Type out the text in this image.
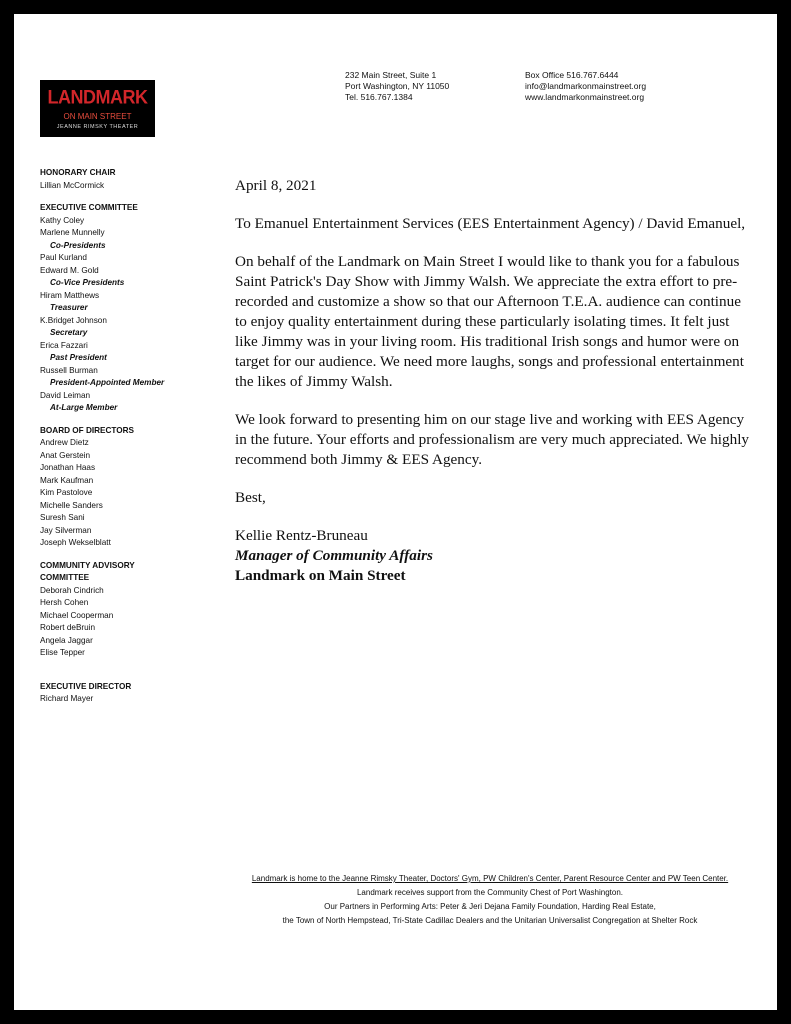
LANDMARK
ON MAIN STREET
JEANNE RIMSKY THEATER
232 Main Street, Suite 1
Port Washington, NY 11050
Tel. 516.767.1384
Box Office 516.767.6444
info@landmarkonmainstreet.org
www.landmarkonmainstreet.org
HONORARY CHAIR
Lillian McCormick
EXECUTIVE COMMITTEE
Kathy Coley
Marlene Munnelly
Co-Presidents
Paul Kurland
Edward M. Gold
Co-Vice Presidents
Hiram Matthews
Treasurer
K.Bridget Johnson
Secretary
Erica Fazzari
Past President
Russell Burman
President-Appointed Member
David Leiman
At-Large Member
BOARD OF DIRECTORS
Andrew Dietz
Anat Gerstein
Jonathan Haas
Mark Kaufman
Kim Pastolove
Michelle Sanders
Suresh Sani
Jay Silverman
Joseph Wekselblatt
COMMUNITY ADVISORY
COMMITTEE
Deborah Cindrich
Hersh Cohen
Michael Cooperman
Robert deBruin
Angela Jaggar
Elise Tepper
EXECUTIVE DIRECTOR
Richard Mayer

April 8, 2021

To Emanuel Entertainment Services (EES Entertainment Agency) / David Emanuel,

On behalf of the Landmark on Main Street I would like to thank you for a fabulous Saint Patrick's Day Show with Jimmy Walsh. We appreciate the extra effort to pre-recorded and customize a show so that our Afternoon T.E.A. audience can continue to enjoy quality entertainment during these particularly isolating times. It felt just like Jimmy was in your living room. His traditional Irish songs and humor were on target for our audience. We need more laughs, songs and professional entertainment the likes of Jimmy Walsh.

We look forward to presenting him on our stage live and working with EES Agency in the future. Your efforts and professionalism are very much appreciated. We highly recommend both Jimmy & EES Agency.

Best,

Kellie Rentz-Bruneau
Manager of Community Affairs
Landmark on Main Street
Landmark is home to the Jeanne Rimsky Theater, Doctors' Gym, PW Children's Center, Parent Resource Center and PW Teen Center.
Landmark receives support from the Community Chest of Port Washington.
Our Partners in Performing Arts: Peter & Jeri Dejana Family Foundation, Harding Real Estate,
the Town of North Hempstead, Tri-State Cadillac Dealers and the Unitarian Universalist Congregation at Shelter Rock
